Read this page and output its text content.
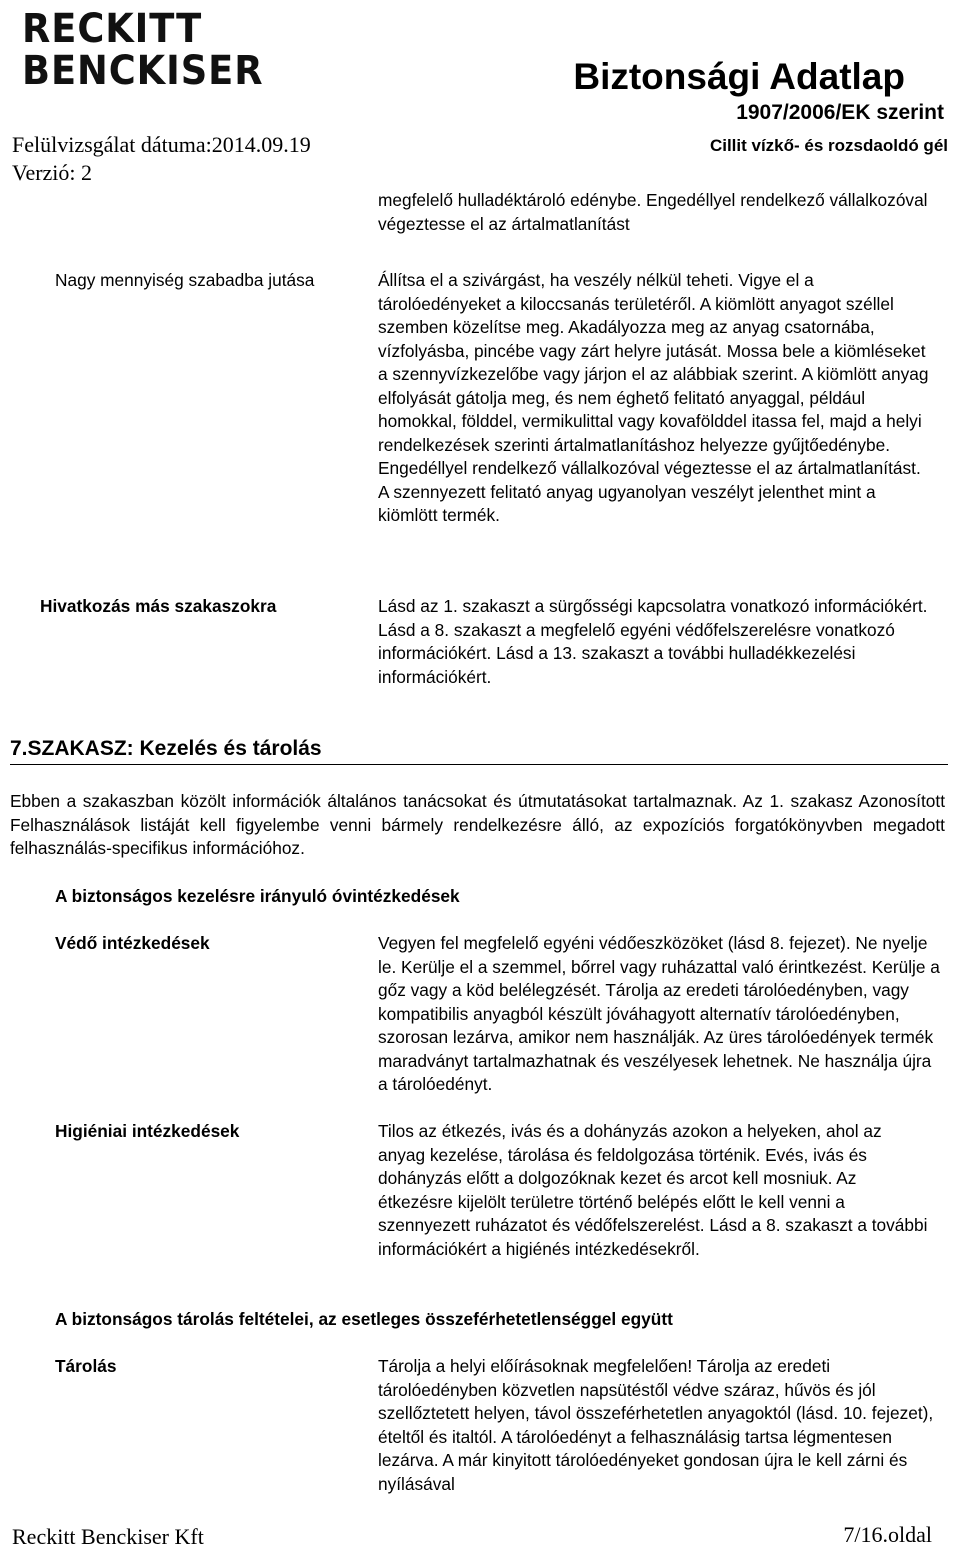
RECKITT
BENCKISER	Biztonsági Adatlap
1907/2006/EK szerint
Cillit vízkő- és rozsdaoldó gél
Felülvizsgálat dátuma:2014.09.19
Verzió: 2
megfelelő hulladéktároló edénybe. Engedéllyel rendelkező vállalkozóval végeztesse el az ártalmatlanítást
Nagy mennyiség szabadba jutása	Állítsa el a szivárgást, ha veszély nélkül teheti. Vigye el a tárolóedényeket a kiloccsanás területéről. A kiömlött anyagot széllel szemben közelítse meg. Akadályozza meg az anyag csatornába, vízfolyásba, pincébe vagy zárt helyre jutását. Mossa bele a kiömléseket a szennyvízkezelőbe vagy járjon el az alábbiak szerint. A kiömlött anyag elfolyását gátolja meg, és nem éghető felitató anyaggal, például homokkal, földdel, vermikulittal vagy kovafölddel itassa fel, majd a helyi rendelkezések szerinti ártalmatlanításhoz helyezze gyűjtőedénybe. Engedéllyel rendelkező vállalkozóval végeztesse el az ártalmatlanítást. A szennyezett felitató anyag ugyanolyan veszélyt jelenthet mint a kiömlött termék.
Hivatkozás más szakaszokra	Lásd az 1. szakaszt a sürgősségi kapcsolatra vonatkozó információkért. Lásd a 8. szakaszt a megfelelő egyéni védőfelszerelésre vonatkozó információkért. Lásd a 13. szakaszt a további hulladékkezelési információkért.
7.SZAKASZ: Kezelés és tárolás
Ebben a szakaszban közölt információk általános tanácsokat és útmutatásokat tartalmaznak. Az 1. szakasz Azonosított Felhasználások listáját kell figyelembe venni bármely rendelkezésre álló, az expozíciós forgatókönyvben megadott felhasználás-specifikus információhoz.
A biztonságos kezelésre irányuló óvintézkedések
Védő intézkedések	Vegyen fel megfelelő egyéni védőeszközöket (lásd 8. fejezet). Ne nyelje le. Kerülje el a szemmel, bőrrel vagy ruházattal való érintkezést. Kerülje a gőz vagy a köd belélegzését. Tárolja az eredeti tárolóedényben, vagy kompatibilis anyagból készült jóváhagyott alternatív tárolóedényben, szorosan lezárva, amikor nem használják. Az üres tárolóedények termék maradványt tartalmazhatnak és veszélyesek lehetnek. Ne használja újra a tárolóedényt.
Higiéniai intézkedések	Tilos az étkezés, ivás és a dohányzás azokon a helyeken, ahol az anyag kezelése, tárolása és feldolgozása történik. Evés, ivás és dohányzás előtt a dolgozóknak kezet és arcot kell mosniuk. Az étkezésre kijelölt területre történő belépés előtt le kell venni a szennyezett ruházatot és védőfelszerelést. Lásd a 8. szakaszt a további információkért a higiénés intézkedésekről.
A biztonságos tárolás feltételei, az esetleges összeférhetetlenséggel együtt
Tárolás	Tárolja a helyi előírásoknak megfelelően! Tárolja az eredeti tárolóedényben közvetlen napsütéstől védve száraz, hűvös és jól szellőztetett helyen, távol összeférhetetlen anyagoktól (lásd. 10. fejezet), ételtől és italtól. A tárolóedényt a felhasználásig tartsa légmentesen lezárva. A már kinyitott tárolóedényeket gondosan újra le kell zárni és nyílásával
Reckitt Benckiser Kft	7/16.oldal
